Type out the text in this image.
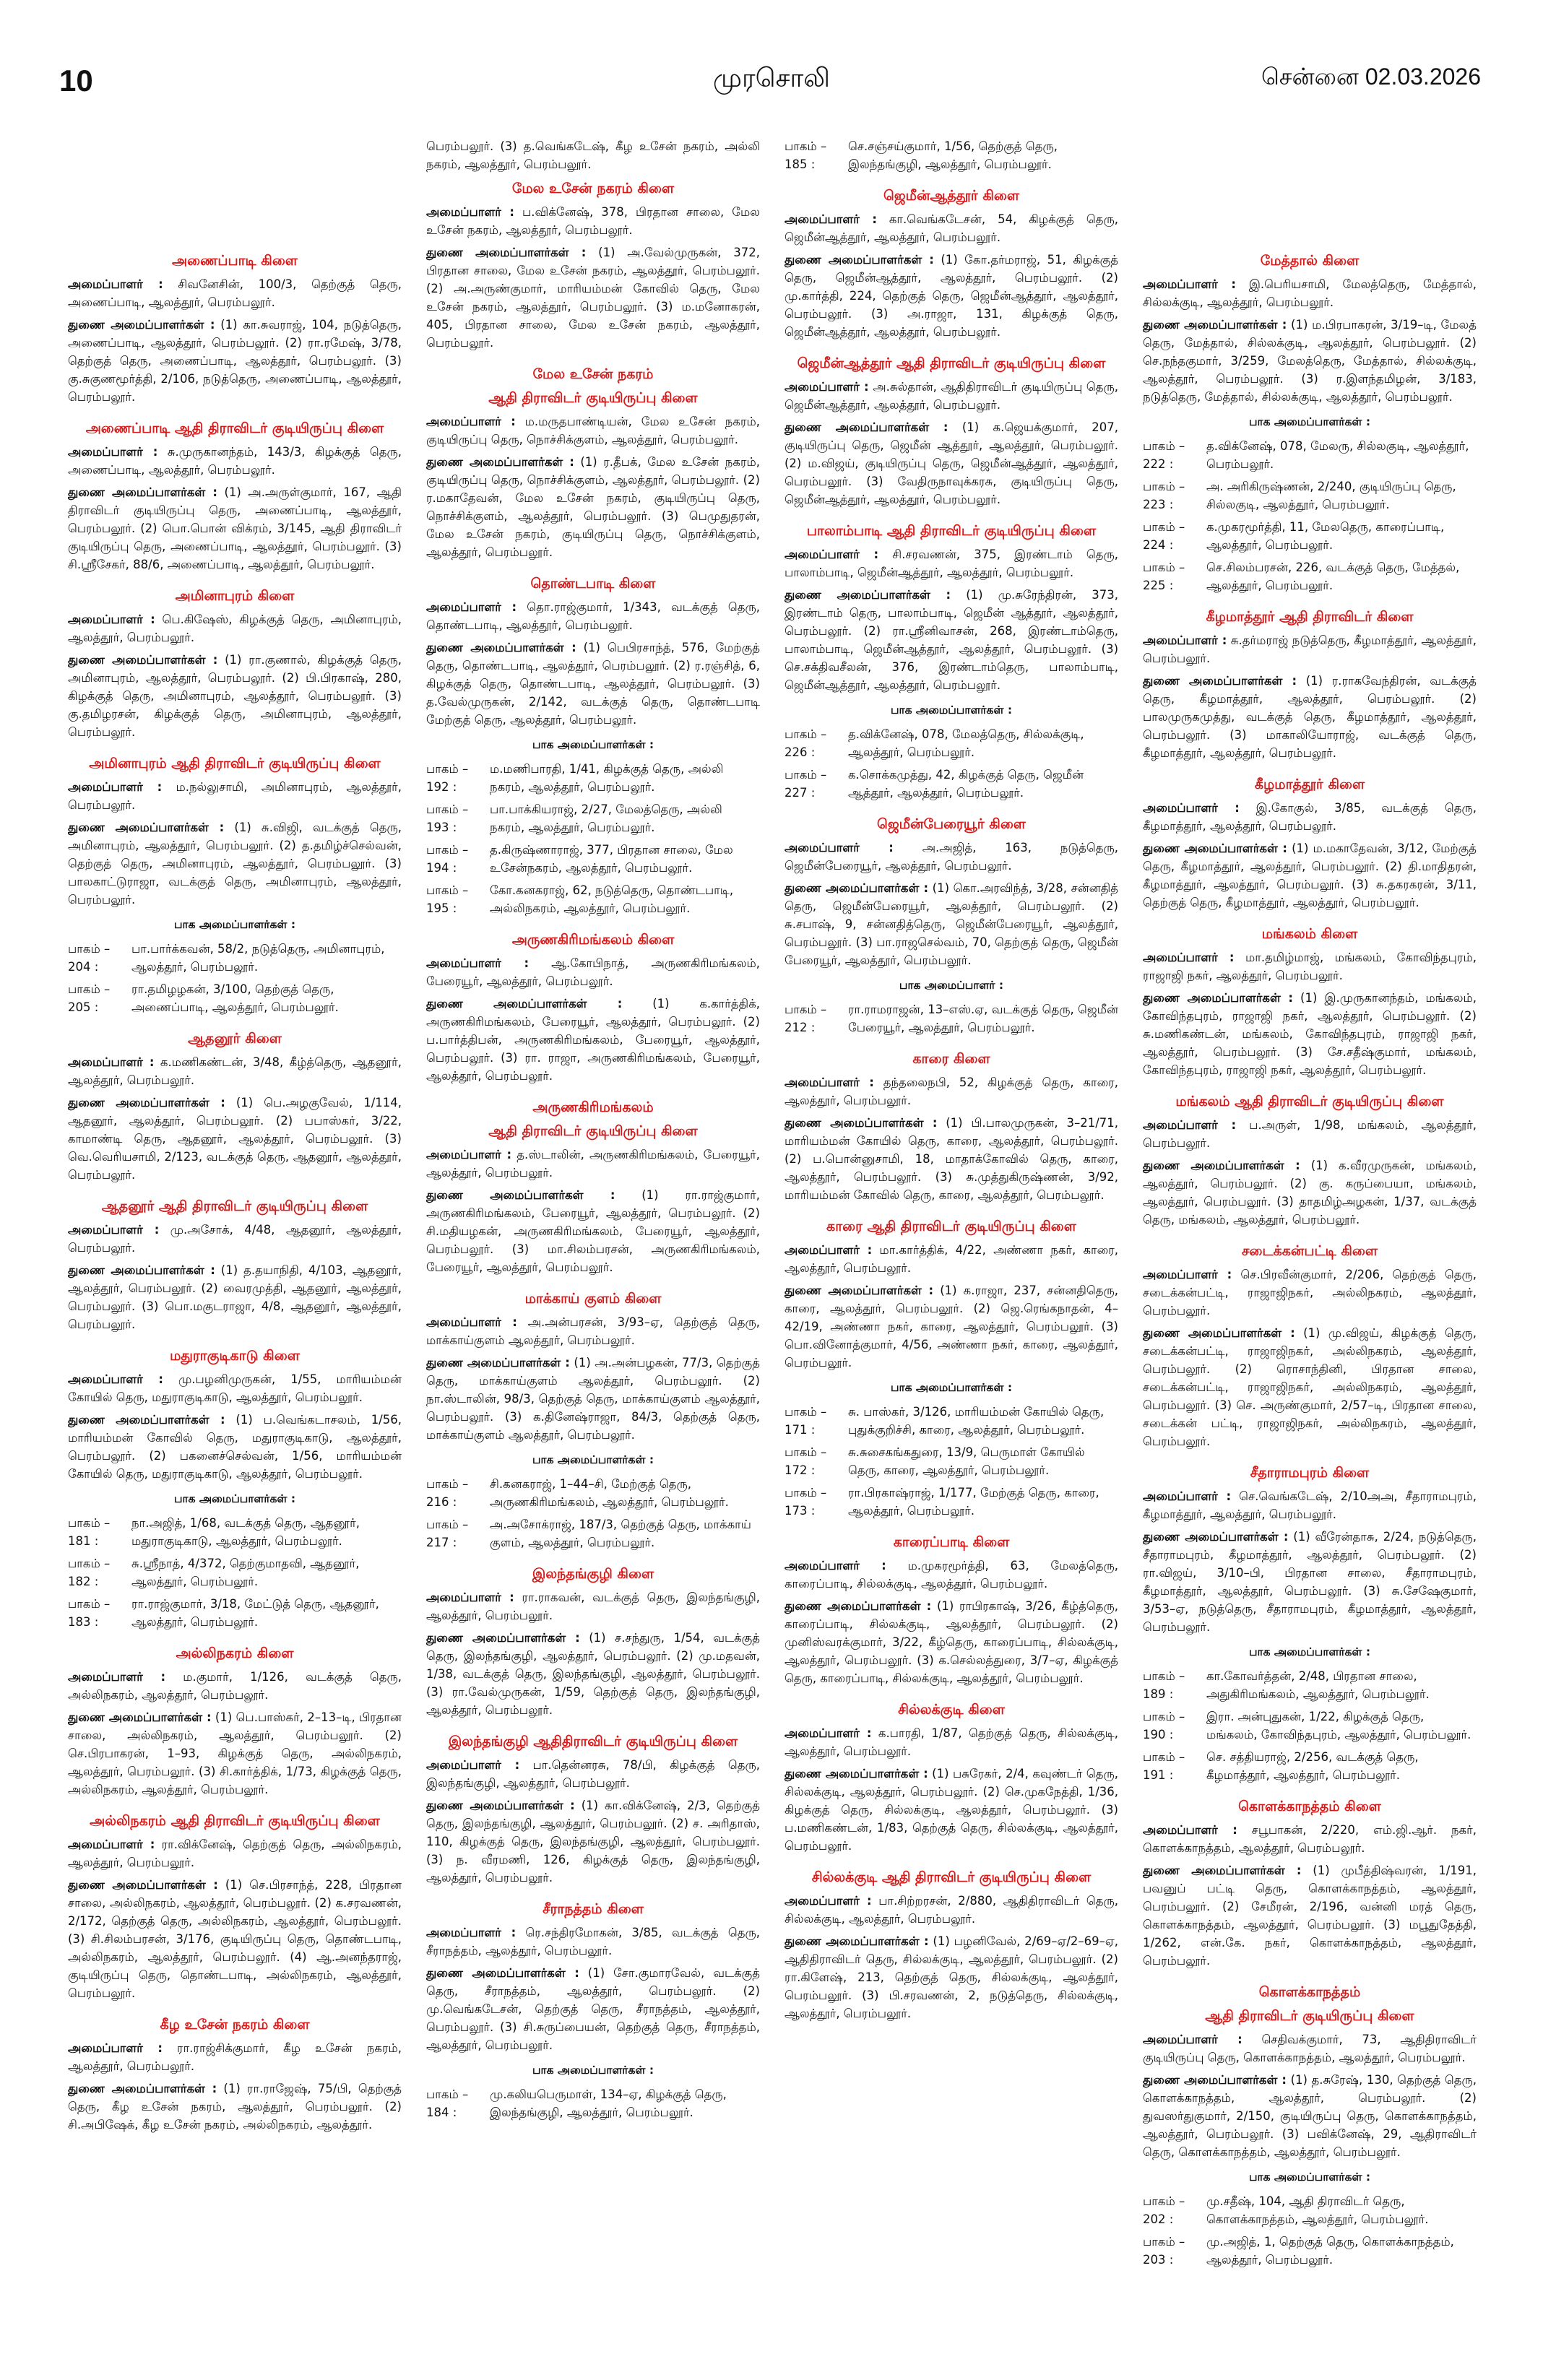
10	முரசொலி	சென்னை 02.03.2026
அணைப்பாடி கிளை
அமைப்பாளர் : சிவனேசின், 100/3, தெற்குத் தெரு, அணைப்பாடி, ஆலத்தூர், பெரம்பலூர்.
துணை அமைப்பாளர்கள் : (1) கா.சுவராஜ், 104, நடுத்தெரு, அணைப்பாடி, ஆலத்தூர், பெரம்பலூர். (2) ரா.ரமேஷ், 3/78, தெற்குத் தெரு, அணைப்பாடி, ஆலத்தூர், பெரம்பலூர். (3) கு.சுகுணமூர்த்தி, 2/106, நடுத்தெரு, அணைப்பாடி, ஆலத்தூர், பெரம்பலூர்.
அணைப்பாடி ஆதி திராவிடர் குடியிருப்பு கிளை
அமைப்பாளர் : சு.முருகானந்தம், 143/3, கிழக்குத் தெரு, அணைப்பாடி, ஆலத்தூர், பெரம்பலூர்.
துணை அமைப்பாளர்கள் : (1) அ.அருள்குமார், 167, ஆதி திராவிடர் குடியிருப்பு தெரு, அணைப்பாடி, ஆலத்தூர், பெரம்பலூர். (2) பொ.பொன் விக்ரம், 3/145, ஆதி திராவிடர் குடியிருப்பு தெரு, அணைப்பாடி, ஆலத்தூர், பெரம்பலூர். (3) சி.ஸ்ரீசேகர், 88/6, அணைப்பாடி, ஆலத்தூர், பெரம்பலூர்.
அமினாபுரம் கிளை
அமைப்பாளர் : பெ.கிஷேஸ், கிழக்குத் தெரு, அமினாபுரம், ஆலத்தூர், பெரம்பலூர்.
துணை அமைப்பாளர்கள் : (1) ரா.குணால், கிழக்குத் தெரு, அமினாபுரம், ஆலத்தூர், பெரம்பலூர். (2) பி.பிரகாஷ், 280, கிழக்குத் தெரு, அமினாபுரம், ஆலத்தூர், பெரம்பலூர். (3) கு.தமிழரசன், கிழக்குத் தெரு, அமினாபுரம், ஆலத்தூர், பெரம்பலூர்.
அமினாபுரம் ஆதி திராவிடர் குடியிருப்பு கிளை
அமைப்பாளர் : ம.நல்லுசாமி, அமினாபுரம், ஆலத்தூர், பெரம்பலூர்.
துணை அமைப்பாளர்கள் : (1) சு.விஜி, வடக்குத் தெரு, அமினாபுரம், ஆலத்தூர், பெரம்பலூர். (2) த.தமிழ்ச்செல்வன், தெற்குத் தெரு, அமினாபுரம், ஆலத்தூர், பெரம்பலூர். (3) பாலகாட்டுராஜா, வடக்குத் தெரு, அமினாபுரம், ஆலத்தூர், பெரம்பலூர்.
பாக அமைப்பாளர்கள் :
பாகம் – 204 :
பா.பார்க்கவன், 58/2, நடுத்தெரு, அமினாபுரம், ஆலத்தூர், பெரம்பலூர்.
பாகம் – 205 :
ரா.தமிழழகன், 3/100, தெற்குத் தெரு, அணைப்பாடி, ஆலத்தூர், பெரம்பலூர்.
ஆதனூர் கிளை
அமைப்பாளர் : க.மணிகண்டன், 3/48, கீழ்த்தெரு, ஆதனூர், ஆலத்தூர், பெரம்பலூர்.
துணை அமைப்பாளர்கள் : (1) பெ.அழகுவேல், 1/114, ஆதனூர், ஆலத்தூர், பெரம்பலூர். (2) பபாஸ்கர், 3/22, காமாண்டி தெரு, ஆதனூர், ஆலத்தூர், பெரம்பலூர். (3) வெ.வெரியசாமி, 2/123, வடக்குத் தெரு, ஆதனூர், ஆலத்தூர், பெரம்பலூர்.
ஆதனூர் ஆதி திராவிடர் குடியிருப்பு கிளை
அமைப்பாளர் : மு.அசோக், 4/48, ஆதனூர், ஆலத்தூர், பெரம்பலூர்.
துணை அமைப்பாளர்கள் : (1) த.தயாநிதி, 4/103, ஆதனூர், ஆலத்தூர், பெரம்பலூர். (2) வைரமுத்தி, ஆதனூர், ஆலத்தூர், பெரம்பலூர். (3) பொ.மகுடராஜா, 4/8, ஆதனூர், ஆலத்தூர், பெரம்பலூர்.
மதுராகுடிகாடு கிளை
அமைப்பாளர் : மு.பழனிமுருகன், 1/55, மாரியம்மன் கோயில் தெரு, மதுராகுடிகாடு, ஆலத்தூர், பெரம்பலூர்.
துணை அமைப்பாளர்கள் : (1) ப.வெங்கடாசலம், 1/56, மாரியம்மன் கோவில் தெரு, மதுராகுடிகாடு, ஆலத்தூர், பெரம்பலூர். (2) பகனைச்செல்வன், 1/56, மாரியம்மன் கோயில் தெரு, மதுராகுடிகாடு, ஆலத்தூர், பெரம்பலூர்.
பாக அமைப்பாளர்கள் :
பாகம் – 181 :
நா.அஜித், 1/68, வடக்குத் தெரு, ஆதனூர், மதுராகுடிகாடு, ஆலத்தூர், பெரம்பலூர்.
பாகம் – 182 :
சு.ஸ்ரீநாத், 4/372, தெற்குமாதவி, ஆதனூர், ஆலத்தூர், பெரம்பலூர்.
பாகம் – 183 :
ரா.ராஜ்குமார், 3/18, மேட்டுத் தெரு, ஆதனூர், ஆலத்தூர், பெரம்பலூர்.
அல்லிநகரம் கிளை
அமைப்பாளர் : ம.குமார், 1/126, வடக்குத் தெரு, அல்லிநகரம், ஆலத்தூர், பெரம்பலூர்.
துணை அமைப்பாளர்கள் : (1) பெ.பாஸ்கர், 2–13–டி, பிரதான சாலை, அல்லிநகரம், ஆலத்தூர், பெரம்பலூர். (2) செ.பிரபாகரன், 1–93, கிழக்குத் தெரு, அல்லிநகரம், ஆலத்தூர், பெரம்பலூர். (3) சி.கார்த்திக், 1/73, கிழக்குத் தெரு, அல்லிநகரம், ஆலத்தூர், பெரம்பலூர்.
அல்லிநகரம் ஆதி திராவிடர் குடியிருப்பு கிளை
அமைப்பாளர் : ரா.விக்னேஷ், தெற்குத் தெரு, அல்லிநகரம், ஆலத்தூர், பெரம்பலூர்.
துணை அமைப்பாளர்கள் : (1) செ.பிரசாந்த், 228, பிரதான சாலை, அல்லிநகரம், ஆலத்தூர், பெரம்பலூர். (2) க.சரவணன், 2/172, தெற்குத் தெரு, அல்லிநகரம், ஆலத்தூர், பெரம்பலூர். (3) சி.சிலம்பரசன், 3/176, குடியிருப்பு தெரு, தொண்டபாடி, அல்லிநகரம், ஆலத்தூர், பெரம்பலூர். (4) ஆ.அனந்தராஜ், குடியிருப்பு தெரு, தொண்டபாடி, அல்லிநகரம், ஆலத்தூர், பெரம்பலூர்.
கீழ உசேன் நகரம் கிளை
அமைப்பாளர் : ரா.ராஜ்சிக்குமார், கீழ உசேன் நகரம், ஆலத்தூர், பெரம்பலூர்.
துணை அமைப்பாளர்கள் : (1) ரா.ராஜேஷ், 75/பி, தெற்குத் தெரு, கீழ உசேன் நகரம், ஆலத்தூர், பெரம்பலூர். (2) சி.அபிஷேக், கீழ உசேன் நகரம், அல்லிநகரம், ஆலத்தூர்.
பெரம்பலூர். (3) த.வெங்கடேஷ், கீழ உசேன் நகரம், அல்லி நகரம், ஆலத்தூர், பெரம்பலூர்.
மேல உசேன் நகரம் கிளை
அமைப்பாளர் : ப.விக்னேஷ், 378, பிரதான சாலை, மேல உசேன் நகரம், ஆலத்தூர், பெரம்பலூர்.
துணை அமைப்பாளர்கள் : (1) அ.வேல்முருகன், 372, பிரதான சாலை, மேல உசேன் நகரம், ஆலத்தூர், பெரம்பலூர். (2) அ.அருண்குமார், மாரியம்மன் கோவில் தெரு, மேல உசேன் நகரம், ஆலத்தூர், பெரம்பலூர். (3) ம.மனோகரன், 405, பிரதான சாலை, மேல உசேன் நகரம், ஆலத்தூர், பெரம்பலூர்.
மேல உசேன் நகரம்
ஆதி திராவிடர் குடியிருப்பு கிளை
அமைப்பாளர் : ம.மருதபாண்டியன், மேல உசேன் நகரம், குடியிருப்பு தெரு, நொச்சிக்குளம், ஆலத்தூர், பெரம்பலூர்.
துணை அமைப்பாளர்கள் : (1) ர.தீபக், மேல உசேன் நகரம், குடியிருப்பு தெரு, நொச்சிக்குளம், ஆலத்தூர், பெரம்பலூர். (2) ர.மகாதேவன், மேல உசேன் நகரம், குடியிருப்பு தெரு, நொச்சிக்குளம், ஆலத்தூர், பெரம்பலூர். (3) பெமுதுதரன், மேல உசேன் நகரம், குடியிருப்பு தெரு, நொச்சிக்குளம், ஆலத்தூர், பெரம்பலூர்.
தொண்டபாடி கிளை
அமைப்பாளர் : தொ.ராஜ்குமார், 1/343, வடக்குத் தெரு, தொண்டபாடி, ஆலத்தூர், பெரம்பலூர்.
துணை அமைப்பாளர்கள் : (1) பெபிரசாந்த், 576, மேற்குத் தெரு, தொண்டபாடி, ஆலத்தூர், பெரம்பலூர். (2) ர.ரஞ்சித், 6, கிழக்குத் தெரு, தொண்டபாடி, ஆலத்தூர், பெரம்பலூர். (3) த.வேல்முருகன், 2/142, வடக்குத் தெரு, தொண்டபாடி மேற்குத் தெரு, ஆலத்தூர், பெரம்பலூர்.
பாக அமைப்பாளர்கள் :
பாகம் – 192 :
ம.மணிபாரதி, 1/41, கிழக்குத் தெரு, அல்லி நகரம், ஆலத்தூர், பெரம்பலூர்.
பாகம் – 193 :
பா.பாக்கியராஜ், 2/27, மேலத்தெரு, அல்லி நகரம், ஆலத்தூர், பெரம்பலூர்.
பாகம் – 194 :
த.கிருஷ்ணாராஜ், 377, பிரதான சாலை, மேல உசேன்நகரம், ஆலத்தூர், பெரம்பலூர்.
பாகம் – 195 :
கோ.கனகராஜ், 62, நடுத்தெரு, தொண்டபாடி, அல்லிநகரம், ஆலத்தூர், பெரம்பலூர்.
அருணகிரிமங்கலம் கிளை
அமைப்பாளர் : ஆ.கோபிநாத், அருணகிரிமங்கலம், பேரையூர், ஆலத்தூர், பெரம்பலூர்.
துணை அமைப்பாளர்கள் : (1) க.கார்த்திக், அருணகிரிமங்கலம், பேரையூர், ஆலத்தூர், பெரம்பலூர். (2) ப.பார்த்திபன், அருணகிரிமங்கலம், பேரையூர், ஆலத்தூர், பெரம்பலூர். (3) ரா. ராஜா, அருணகிரிமங்கலம், பேரையூர், ஆலத்தூர், பெரம்பலூர்.
அருணகிரிமங்கலம்
ஆதி திராவிடர் குடியிருப்பு கிளை
அமைப்பாளர் : த.ஸ்டாலின், அருணகிரிமங்கலம், பேரையூர், ஆலத்தூர், பெரம்பலூர்.
துணை அமைப்பாளர்கள் : (1) ரா.ராஜ்குமார், அருணகிரிமங்கலம், பேரையூர், ஆலத்தூர், பெரம்பலூர். (2) சி.மதியழகன், அருணகிரிமங்கலம், பேரையூர், ஆலத்தூர், பெரம்பலூர். (3) மா.சிலம்பரசன், அருணகிரிமங்கலம், பேரையூர், ஆலத்தூர், பெரம்பலூர்.
மாக்காய் குளம் கிளை
அமைப்பாளர் : அ.அன்பரசன், 3/93–ஏ, தெற்குத் தெரு, மாக்காய்குளம் ஆலத்தூர், பெரம்பலூர்.
துணை அமைப்பாளர்கள் : (1) அ.அன்பழகன், 77/3, தெற்குத் தெரு, மாக்காய்குளம் ஆலத்தூர், பெரம்பலூர். (2) நா.ஸ்டாலின், 98/3, தெற்குத் தெரு, மாக்காய்குளம் ஆலத்தூர், பெரம்பலூர். (3) க.தினேஷ்ராஜா, 84/3, தெற்குத் தெரு, மாக்காய்குளம் ஆலத்தூர், பெரம்பலூர்.
பாக அமைப்பாளர்கள் :
பாகம் – 216 :
சி.கனகராஜ், 1–44–சி, மேற்குத் தெரு, அருணகிரிமங்கலம், ஆலத்தூர், பெரம்பலூர்.
பாகம் – 217 :
அ.அசோக்ராஜ், 187/3, தெற்குத் தெரு, மாக்காய் குளம், ஆலத்தூர், பெரம்பலூர்.
இலந்தங்குழி கிளை
அமைப்பாளர் : ரா.ராகவன், வடக்குத் தெரு, இலந்தங்குழி, ஆலத்தூர், பெரம்பலூர்.
துணை அமைப்பாளர்கள் : (1) ச.சந்துரு, 1/54, வடக்குத் தெரு, இலந்தங்குழி, ஆலத்தூர், பெரம்பலூர். (2) மு.மதவன், 1/38, வடக்குத் தெரு, இலந்தங்குழி, ஆலத்தூர், பெரம்பலூர். (3) ரா.வேல்முருகன், 1/59, தெற்குத் தெரு, இலந்தங்குழி, ஆலத்தூர், பெரம்பலூர்.
இலந்தங்குழி ஆதிதிராவிடர் குடியிருப்பு கிளை
அமைப்பாளர் : பா.தென்னரசு, 78/பி, கிழக்குத் தெரு, இலந்தங்குழி, ஆலத்தூர், பெரம்பலூர்.
துணை அமைப்பாளர்கள் : (1) கா.விக்னேஷ், 2/3, தெற்குத் தெரு, இலந்தங்குழி, ஆலத்தூர், பெரம்பலூர். (2) ச. அரிதாஸ், 110, கிழக்குத் தெரு, இலந்தங்குழி, ஆலத்தூர், பெரம்பலூர். (3) ந. வீரமணி, 126, கிழக்குத் தெரு, இலந்தங்குழி, ஆலத்தூர், பெரம்பலூர்.
சீராநத்தம் கிளை
அமைப்பாளர் : ரெ.சந்திரமோகன், 3/85, வடக்குத் தெரு, சீராநத்தம், ஆலத்தூர், பெரம்பலூர்.
துணை அமைப்பாளர்கள் : (1) சோ.குமாரவேல், வடக்குத் தெரு, சீராநத்தம், ஆலத்தூர், பெரம்பலூர். (2) மு.வெங்கடேசன், தெற்குத் தெரு, சீராநத்தம், ஆலத்தூர், பெரம்பலூர். (3) சி.சுருப்பையன், தெற்குத் தெரு, சீராநத்தம், ஆலத்தூர், பெரம்பலூர்.
பாக அமைப்பாளர்கள் :
பாகம் – 184 :
மு.கலியபெருமாள், 134–ஏ, கிழக்குத் தெரு, இலந்தங்குழி, ஆலத்தூர், பெரம்பலூர்.
பாகம் – 185 :
செ.சஞ்சய்குமார், 1/56, தெற்குத் தெரு, இலந்தங்குழி, ஆலத்தூர், பெரம்பலூர்.
ஜெமீன்ஆத்தூர் கிளை
அமைப்பாளர் : கா.வெங்கடேசன், 54, கிழக்குத் தெரு, ஜெமீன்ஆத்தூர், ஆலத்தூர், பெரம்பலூர்.
துணை அமைப்பாளர்கள் : (1) கோ.தர்மராஜ், 51, கிழக்குத் தெரு, ஜெமீன்ஆத்தூர், ஆலத்தூர், பெரம்பலூர். (2) மு.கார்த்தி, 224, தெற்குத் தெரு, ஜெமீன்ஆத்தூர், ஆலத்தூர், பெரம்பலூர். (3) அ.ராஜா, 131, கிழக்குத் தெரு, ஜெமீன்ஆத்தூர், ஆலத்தூர், பெரம்பலூர்.
ஜெமீன்ஆத்தூர் ஆதி திராவிடர் குடியிருப்பு கிளை
அமைப்பாளர் : அ.சுல்தான், ஆதிதிராவிடர் குடியிருப்பு தெரு, ஜெமீன்ஆத்தூர், ஆலத்தூர், பெரம்பலூர்.
துணை அமைப்பாளர்கள் : (1) க.ஜெயக்குமார், 207, குடியிருப்பு தெரு, ஜெமீன் ஆத்தூர், ஆலத்தூர், பெரம்பலூர். (2) ம.விஜய், குடியிருப்பு தெரு, ஜெமீன்ஆத்தூர், ஆலத்தூர், பெரம்பலூர். (3) வேதிருநாவுக்கரசு, குடியிருப்பு தெரு, ஜெமீன்ஆத்தூர், ஆலத்தூர், பெரம்பலூர்.
பாலாம்பாடி ஆதி திராவிடர் குடியிருப்பு கிளை
அமைப்பாளர் : சி.சரவணன், 375, இரண்டாம் தெரு, பாலாம்பாடி, ஜெமீன்ஆத்தூர், ஆலத்தூர், பெரம்பலூர்.
துணை அமைப்பாளர்கள் : (1) மு.சுரேந்திரன், 373, இரண்டாம் தெரு, பாலாம்பாடி, ஜெமீன் ஆத்தூர், ஆலத்தூர், பெரம்பலூர். (2) ரா.ஸ்ரீனிவாசன், 268, இரண்டாம்தெரு, பாலாம்பாடி, ஜெமீன்ஆத்தூர், ஆலத்தூர், பெரம்பலூர். (3) செ.சக்திவசீலன், 376, இரண்டாம்தெரு, பாலாம்பாடி, ஜெமீன்ஆத்தூர், ஆலத்தூர், பெரம்பலூர்.
பாக அமைப்பாளர்கள் :
பாகம் – 226 :
த.விக்னேஷ், 078, மேலத்தெரு, சில்லக்குடி, ஆலத்தூர், பெரம்பலூர்.
பாகம் – 227 :
க.சொக்கமுத்து, 42, கிழக்குத் தெரு, ஜெமீன் ஆத்தூர், ஆலத்தூர், பெரம்பலூர்.
ஜெமீன்பேரையூர் கிளை
அமைப்பாளர் : அ.அஜித், 163, நடுத்தெரு, ஜெமீன்பேரையூர், ஆலத்தூர், பெரம்பலூர்.
துணை அமைப்பாளர்கள் : (1) கொ.அரவிந்த், 3/28, சன்னதித் தெரு, ஜெமீன்பேரையூர், ஆலத்தூர், பெரம்பலூர். (2) சு.சபாஷ், 9, சன்னதித்தெரு, ஜெமீன்பேரையூர், ஆலத்தூர், பெரம்பலூர். (3) பா.ராஜசெல்வம், 70, தெற்குத் தெரு, ஜெமீன் பேரையூர், ஆலத்தூர், பெரம்பலூர்.
பாக அமைப்பாளர் :
பாகம் – 212 :
ரா.ராமராஜன், 13–எஸ்.ஏ, வடக்குத் தெரு, ஜெமீன் பேரையூர், ஆலத்தூர், பெரம்பலூர்.
காரை கிளை
அமைப்பாளர் : தந்தலைநபி, 52, கிழக்குத் தெரு, காரை, ஆலத்தூர், பெரம்பலூர்.
துணை அமைப்பாளர்கள் : (1) பி.பாலமுருகன், 3–21/71, மாரியம்மன் கோயில் தெரு, காரை, ஆலத்தூர், பெரம்பலூர். (2) ப.பொன்னுசாமி, 18, மாதாக்கோவில் தெரு, காரை, ஆலத்தூர், பெரம்பலூர். (3) சு.முத்துகிருஷ்ணன், 3/92, மாரியம்மன் கோவில் தெரு, காரை, ஆலத்தூர், பெரம்பலூர்.
காரை ஆதி திராவிடர் குடியிருப்பு கிளை
அமைப்பாளர் : மா.கார்த்திக், 4/22, அண்ணா நகர், காரை, ஆலத்தூர், பெரம்பலூர்.
துணை அமைப்பாளர்கள் : (1) க.ராஜா, 237, சன்னதிதெரு, காரை, ஆலத்தூர், பெரம்பலூர். (2) ஜெ.ரெங்கநாதன், 4–42/19, அண்ணா நகர், காரை, ஆலத்தூர், பெரம்பலூர். (3) பொ.வினோத்குமார், 4/56, அண்ணா நகர், காரை, ஆலத்தூர், பெரம்பலூர்.
பாக அமைப்பாளர்கள் :
பாகம் – 171 :
சு. பாஸ்கர், 3/126, மாரியம்மன் கோயில் தெரு, புதுக்குறிச்சி, காரை, ஆலத்தூர், பெரம்பலூர்.
பாகம் – 172 :
சு.சுசைகங்கதுரை, 13/9, பெருமாள் கோயில் தெரு, காரை, ஆலத்தூர், பெரம்பலூர்.
பாகம் – 173 :
ரா.பிரகாஷ்ராஜ், 1/177, மேற்குத் தெரு, காரை, ஆலத்தூர், பெரம்பலூர்.
காரைப்பாடி கிளை
அமைப்பாளர் : ம.முகரமூர்த்தி, 63, மேலத்தெரு, காரைப்பாடி, சில்லக்குடி, ஆலத்தூர், பெரம்பலூர்.
துணை அமைப்பாளர்கள் : (1) ராபிரகாஷ், 3/26, கீழ்த்தெரு, காரைப்பாடி, சில்லக்குடி, ஆலத்தூர், பெரம்பலூர். (2) முனிஸ்வரக்குமார், 3/22, கீழ்தெரு, காரைப்பாடி, சில்லக்குடி, ஆலத்தூர், பெரம்பலூர். (3) க.செல்லத்துரை, 3/7–ஏ, கிழக்குத் தெரு, காரைப்பாடி, சில்லக்குடி, ஆலத்தூர், பெரம்பலூர்.
சில்லக்குடி கிளை
அமைப்பாளர் : க.பாரதி, 1/87, தெற்குத் தெரு, சில்லக்குடி, ஆலத்தூர், பெரம்பலூர்.
துணை அமைப்பாளர்கள் : (1) பசுரேகர், 2/4, கவுண்டர் தெரு, சில்லக்குடி, ஆலத்தூர், பெரம்பலூர். (2) செ.முகநேத்தி, 1/36, கிழக்குத் தெரு, சில்லக்குடி, ஆலத்தூர், பெரம்பலூர். (3) ப.மணிகண்டன், 1/83, தெற்குத் தெரு, சில்லக்குடி, ஆலத்தூர், பெரம்பலூர்.
சில்லக்குடி ஆதி திராவிடர் குடியிருப்பு கிளை
அமைப்பாளர் : பா.சிற்றரசன், 2/880, ஆதிதிராவிடர் தெரு, சில்லக்குடி, ஆலத்தூர், பெரம்பலூர்.
துணை அமைப்பாளர்கள் : (1) பழனிவேல், 2/69–ஏ/2–69–ஏ, ஆதிதிராவிடர் தெரு, சில்லக்குடி, ஆலத்தூர், பெரம்பலூர். (2) ரா.கிளேஷ், 213, தெற்குத் தெரு, சில்லக்குடி, ஆலத்தூர், பெரம்பலூர். (3) பி.சரவணன், 2, நடுத்தெரு, சில்லக்குடி, ஆலத்தூர், பெரம்பலூர்.
மேத்தால் கிளை
அமைப்பாளர் : இ.பெரியசாமி, மேலத்தெரு, மேத்தால், சில்லக்குடி, ஆலத்தூர், பெரம்பலூர்.
துணை அமைப்பாளர்கள் : (1) ம.பிரபாகரன், 3/19–டி, மேலத் தெரு, மேத்தால், சில்லக்குடி, ஆலத்தூர், பெரம்பலூர். (2) செ.நந்தகுமார், 3/259, மேலத்தெரு, மேத்தால், சில்லக்குடி, ஆலத்தூர், பெரம்பலூர். (3) ர.இளந்தமிழன், 3/183, நடுத்தெரு, மேத்தால், சில்லக்குடி, ஆலத்தூர், பெரம்பலூர்.
பாக அமைப்பாளர்கள் :
பாகம் – 222 :
த.விக்னேஷ், 078, மேலரு, சில்லகுடி, ஆலத்தூர், பெரம்பலூர்.
பாகம் – 223 :
அ. அரிகிருஷ்ணன், 2/240, குடியிருப்பு தெரு, சில்லகுடி, ஆலத்தூர், பெரம்பலூர்.
பாகம் – 224 :
க.முகரமூர்த்தி, 11, மேலதெரு, காரைப்பாடி, ஆலத்தூர், பெரம்பலூர்.
பாகம் – 225 :
செ.சிலம்பரசன், 226, வடக்குத் தெரு, மேத்தல், ஆலத்தூர், பெரம்பலூர்.
கீழமாத்தூர் ஆதி திராவிடர் கிளை
அமைப்பாளர் : சு.தர்மராஜ் நடுத்தெரு, கீழமாத்தூர், ஆலத்தூர், பெரம்பலூர்.
துணை அமைப்பாளர்கள் : (1) ர.ராகவேந்திரன், வடக்குத் தெரு, கீழமாத்தூர், ஆலத்தூர், பெரம்பலூர். (2) பாலமுருகமுத்து, வடக்குத் தெரு, கீழமாத்தூர், ஆலத்தூர், பெரம்பலூர். (3) மாகாலியோராஜ், வடக்குத் தெரு, கீழமாத்தூர், ஆலத்தூர், பெரம்பலூர்.
கீழமாத்தூர் கிளை
அமைப்பாளர் : இ.கோகுல், 3/85, வடக்குத் தெரு, கீழமாத்தூர், ஆலத்தூர், பெரம்பலூர்.
துணை அமைப்பாளர்கள் : (1) ம.மகாதேவன், 3/12, மேற்குத் தெரு, கீழமாத்தூர், ஆலத்தூர், பெரம்பலூர். (2) தி.மாதிதரன், கீழமாத்தூர், ஆலத்தூர், பெரம்பலூர். (3) சு.தகரகரன், 3/11, தெற்குத் தெரு, கீழமாத்தூர், ஆலத்தூர், பெரம்பலூர்.
மங்கலம் கிளை
அமைப்பாளர் : மா.தமிழ்மாஜ், மங்கலம், கோவிந்தபுரம், ராஜாஜி நகர், ஆலத்தூர், பெரம்பலூர்.
துணை அமைப்பாளர்கள் : (1) இ.முருகானந்தம், மங்கலம், கோவிந்தபுரம், ராஜாஜி நகர், ஆலத்தூர், பெரம்பலூர். (2) சு.மணிகண்டன், மங்கலம், கோவிந்தபுரம், ராஜாஜி நகர், ஆலத்தூர், பெரம்பலூர். (3) சே.சதீஷ்குமார், மங்கலம், கோவிந்தபுரம், ராஜாஜி நகர், ஆலத்தூர், பெரம்பலூர்.
மங்கலம் ஆதி திராவிடர் குடியிருப்பு கிளை
அமைப்பாளர் : ப.அருள், 1/98, மங்கலம், ஆலத்தூர், பெரம்பலூர்.
துணை அமைப்பாளர்கள் : (1) க.வீரமுருகன், மங்கலம், ஆலத்தூர், பெரம்பலூர். (2) கு. கருப்பையா, மங்கலம், ஆலத்தூர், பெரம்பலூர். (3) தாதமிழ்அழகன், 1/37, வடக்குத் தெரு, மங்கலம், ஆலத்தூர், பெரம்பலூர்.
சடைக்கன்பட்டி கிளை
அமைப்பாளர் : செ.பிரவீன்குமார், 2/206, தெற்குத் தெரு, சடைக்கன்பட்டி, ராஜாஜிநகர், அல்லிநகரம், ஆலத்தூர், பெரம்பலூர்.
துணை அமைப்பாளர்கள் : (1) மு.விஜய், கிழக்குத் தெரு, சடைக்கன்பட்டி, ராஜாஜிநகர், அல்லிநகரம், ஆலத்தூர், பெரம்பலூர். (2) ரொசாந்தினி, பிரதான சாலை, சடைக்கன்பட்டி, ராஜாஜிநகர், அல்லிநகரம், ஆலத்தூர், பெரம்பலூர். (3) செ. அருண்குமார், 2/57–டி, பிரதான சாலை, சடைக்கன் பட்டி, ராஜாஜிநகர், அல்லிநகரம், ஆலத்தூர், பெரம்பலூர்.
சீதாராமபுரம் கிளை
அமைப்பாளர் : செ.வெங்கடேஷ், 2/10அஅ, சீதாராமபுரம், கீழமாத்தூர், ஆலத்தூர், பெரம்பலூர்.
துணை அமைப்பாளர்கள் : (1) வீரேன்தாசு, 2/24, நடுத்தெரு, சீதாராமபுரம், கீழமாத்தூர், ஆலத்தூர், பெரம்பலூர். (2) ரா.விஜய், 3/10–பி, பிரதான சாலை, சீதாராமபுரம், கீழமாத்தூர், ஆலத்தூர், பெரம்பலூர். (3) சு.சேஷேகுமார், 3/53–ஏ, நடுத்தெரு, சீதாராமபுரம், கீழமாத்தூர், ஆலத்தூர், பெரம்பலூர்.
பாக அமைப்பாளர்கள் :
பாகம் – 189 :
கா.கோவர்த்தன், 2/48, பிரதான சாலை, அதுகிரிமங்கலம், ஆலத்தூர், பெரம்பலூர்.
பாகம் – 190 :
இரா. அன்புதுகன், 1/22, கிழக்குத் தெரு, மங்கலம், கோவிந்தபுரம், ஆலத்தூர், பெரம்பலூர்.
பாகம் – 191 :
செ. சத்தியராஜ், 2/256, வடக்குத் தெரு, கீழமாத்தூர், ஆலத்தூர், பெரம்பலூர்.
கொளக்காநத்தம் கிளை
அமைப்பாளர் : சபூபாகன், 2/220, எம்.ஜி.ஆர். நகர், கொளக்காநத்தம், ஆலத்தூர், பெரம்பலூர்.
துணை அமைப்பாளர்கள் : (1) முபீத்திஷ்வரன், 1/191, பவனுப் பட்டி தெரு, கொளக்காநத்தம், ஆலத்தூர், பெரம்பலூர். (2) சேமீரன், 2/196, வன்னி மரத் தெரு, கொளக்காநத்தம், ஆலத்தூர், பெரம்பலூர். (3) மபூதுதேத்தி, 1/262, என்.கே. நகர், கொளக்காநத்தம், ஆலத்தூர், பெரம்பலூர்.
கொளக்காநத்தம்
ஆதி திராவிடர் குடியிருப்பு கிளை
அமைப்பாளர் : செதிவக்குமார், 73, ஆதிதிராவிடர் குடியிருப்பு தெரு, கொளக்காநத்தம், ஆலத்தூர், பெரம்பலூர்.
துணை அமைப்பாளர்கள் : (1) த.சுரேஷ், 130, தெற்குத் தெரு, கொளக்காநத்தம், ஆலத்தூர், பெரம்பலூர். (2) துவஸர்துகுமார், 2/150, குடியிருப்பு தெரு, கொளக்காநத்தம், ஆலத்தூர், பெரம்பலூர். (3) பவிக்னேஷ், 29, ஆதிராவிடர் தெரு, கொளக்காநத்தம், ஆலத்தூர், பெரம்பலூர்.
பாக அமைப்பாளர்கள் :
பாகம் – 202 :
மு.சதீஷ், 104, ஆதி திராவிடர் தெரு, கொளக்காநத்தம், ஆலத்தூர், பெரம்பலூர்.
பாகம் – 203 :
மு.அஜித், 1, தெற்குத் தெரு, கொளக்காநத்தம், ஆலத்தூர், பெரம்பலூர்.
